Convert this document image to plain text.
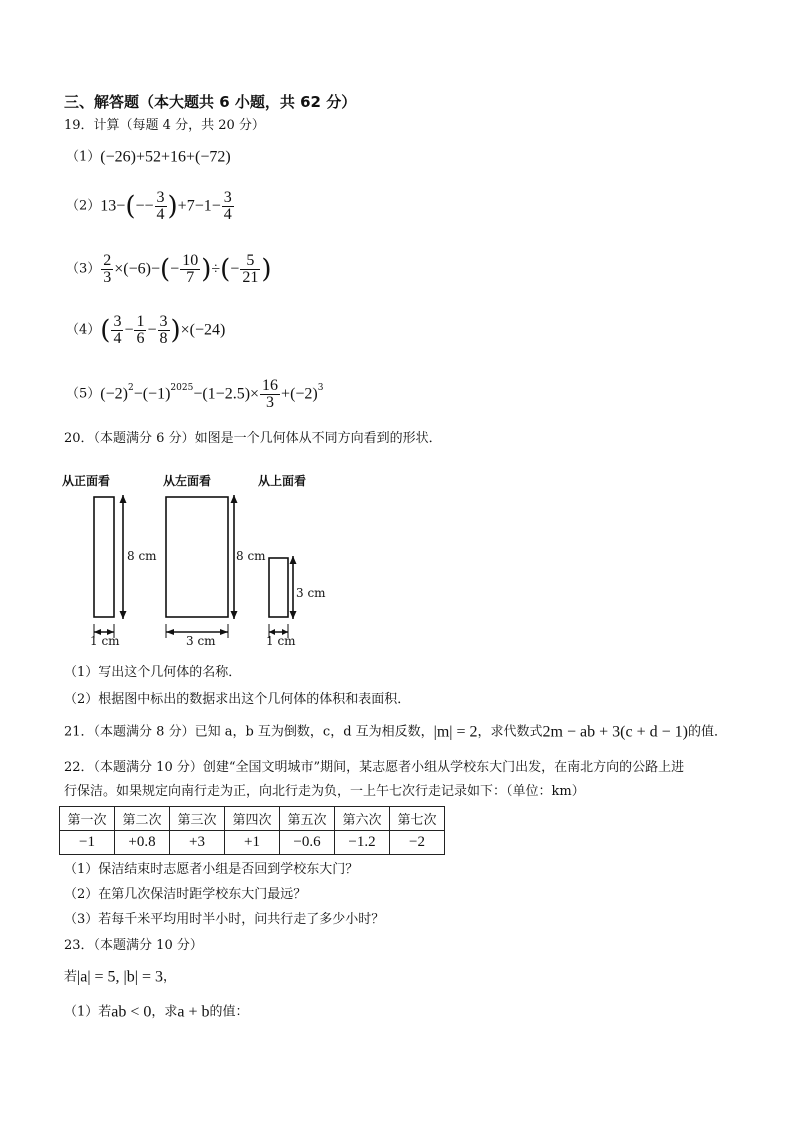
三、解答题（本大题共 6 小题，共 62 分）
19．计算（每题 4 分，共 20 分）
（1）(−26)+52+16+(−72)
$(2)13-(-- \frac{3}{4} )+7-1- \frac{3}{4}$
$(3) \frac{2}{3} \times(-6)-(- \frac{10}{7}$ )÷(− $\frac{5}{21}$ )
$(4)( \frac{3}{4} - \frac{1}{6} - \frac{3}{8} )\times(-24)$
$(5)(-2)^2-(-1)^{2025}-(1-2.5)\times \frac{16}{3} +(-2)^3$
20．（本题满分 6 分）如图是一个几何体从不同方向看到的形状．
从正面看	从左面看	从上面看
8 cm	8 cm
3 cm
1 cm	3 cm	1 cm
（1）写出这个几何体的名称．
（2）根据图中标出的数据求出这个几何体的体积和表面积．
21．（本题满分 8 分）已知 a，b 互为倒数，c，d 互为相反数，|m| = 2，求代数式2m − ab + 3(c + d − 1)的值．
22．（本题满分 10 分）创建“全国文明城市”期间，某志愿者小组从学校东大门出发，在南北方向的公路上进
行保洁。如果规定向南行走为正，向北行走为负，一上午七次行走记录如下：（单位：km）
第一次	第二次	第三次	第四次	第五次	第六次	第七次
−1	+0.8	+3	+1	−0.6	−1.2	−2
（1）保洁结束时志愿者小组是否回到学校东大门？
（2）在第几次保洁时距学校东大门最远？
（3）若每千米平均用时半小时，问共行走了多少小时？
23．（本题满分 10 分）
若|a| = 5, |b| = 3，
（1）若ab < 0，求a + b的值：
